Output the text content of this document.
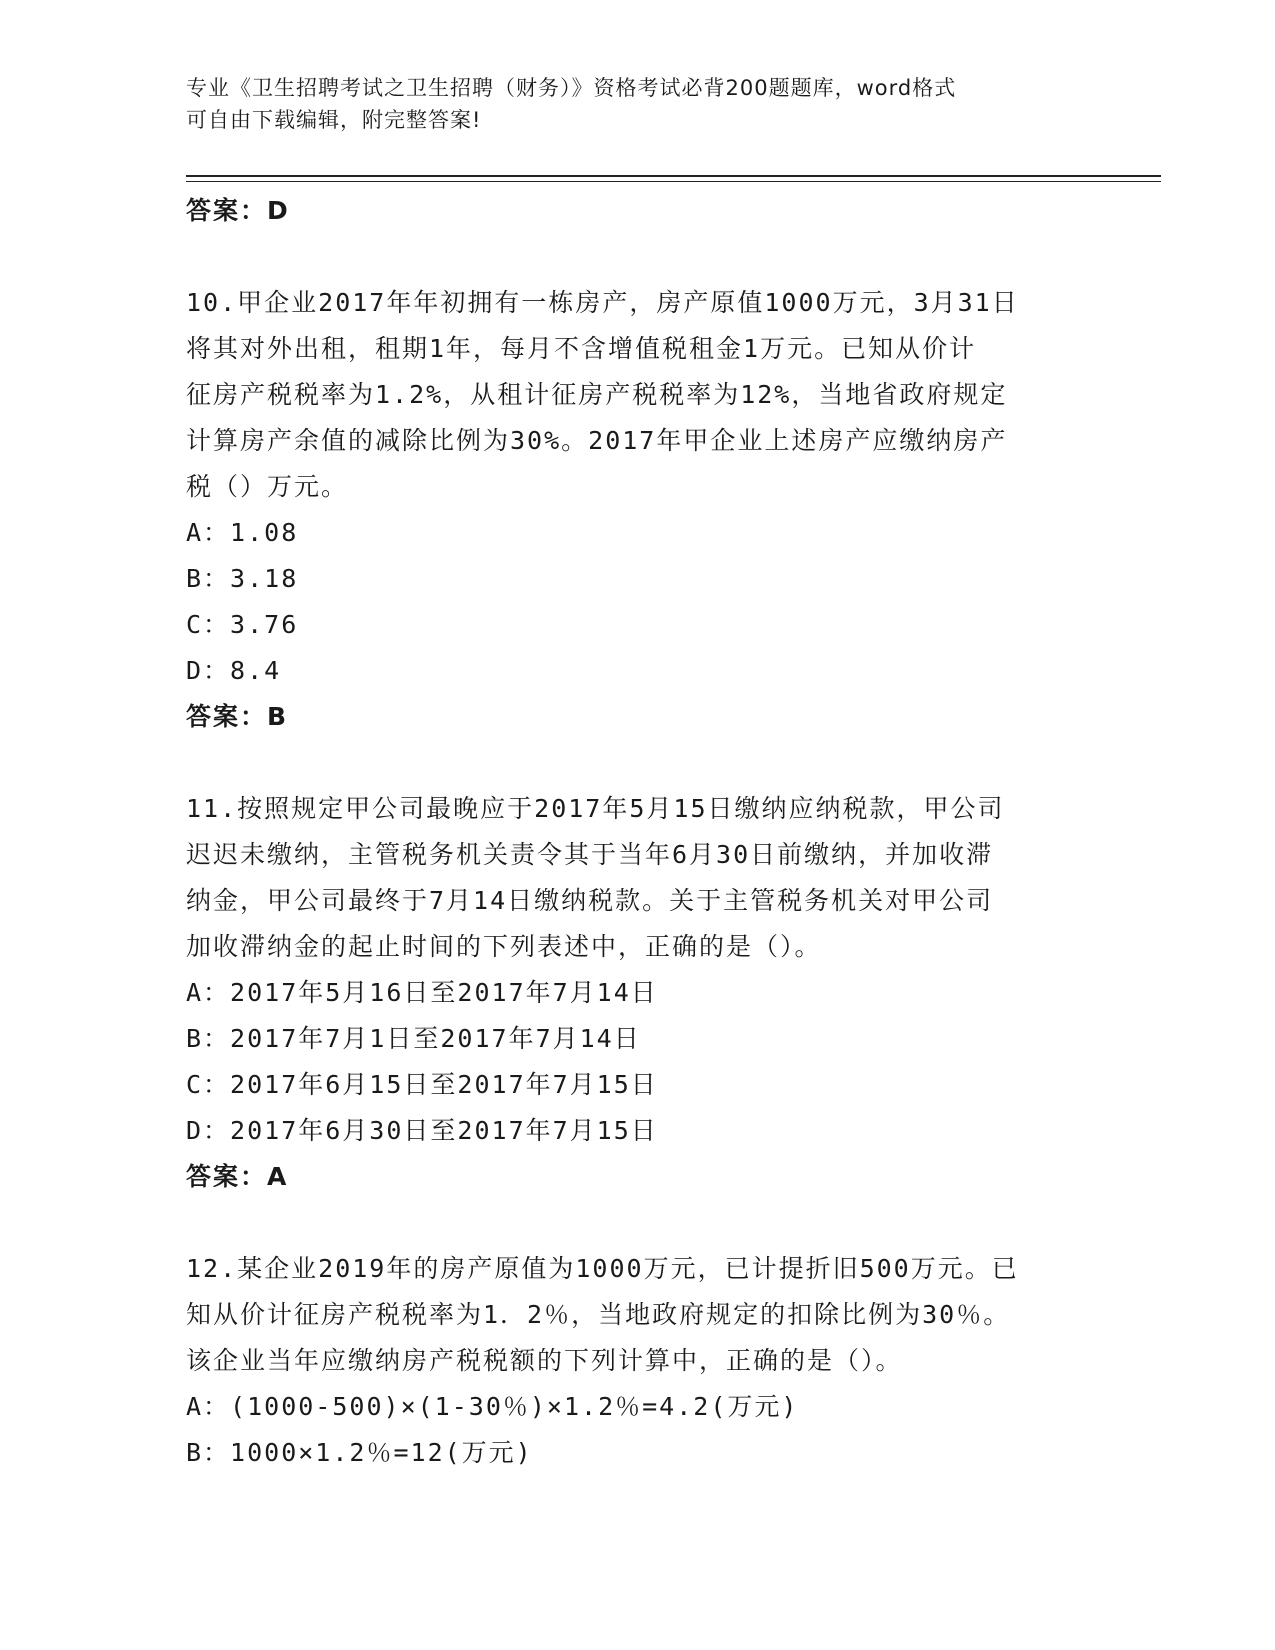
专业《卫生招聘考试之卫生招聘（财务）》资格考试必背200题题库，word格式
可自由下载编辑，附完整答案!
答案：D
10.甲企业2017年年初拥有一栋房产，房产原值1000万元，3月31日
将其对外出租，租期1年，每月不含增值税租金1万元。已知从价计
征房产税税率为1.2%，从租计征房产税税率为12%，当地省政府规定
计算房产余值的减除比例为30%。2017年甲企业上述房产应缴纳房产
税（）万元。
A：1.08
B：3.18
C：3.76
D：8.4
答案：B
11.按照规定甲公司最晚应于2017年5月15日缴纳应纳税款，甲公司
迟迟未缴纳，主管税务机关责令其于当年6月30日前缴纳，并加收滞
纳金，甲公司最终于7月14日缴纳税款。关于主管税务机关对甲公司
加收滞纳金的起止时间的下列表述中，正确的是（）。
A：2017年5月16日至2017年7月14日
B：2017年7月1日至2017年7月14日
C：2017年6月15日至2017年7月15日
D：2017年6月30日至2017年7月15日
答案：A
12.某企业2019年的房产原值为1000万元，已计提折旧500万元。已
知从价计征房产税税率为1．2％，当地政府规定的扣除比例为30％。
该企业当年应缴纳房产税税额的下列计算中，正确的是（）。
A：(1000-500)×(1-30％)×1.2％=4.2(万元)
B：1000×1.2％=12(万元)
